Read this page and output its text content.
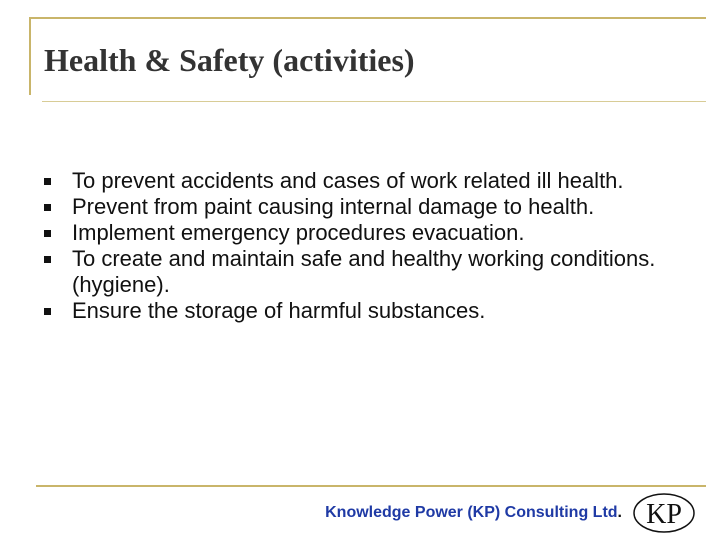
Health & Safety (activities)
To prevent accidents and cases of work related ill health.
Prevent from paint causing internal damage to health.
Implement emergency procedures evacuation.
To create and maintain safe and healthy working conditions. (hygiene).
Ensure the storage of harmful substances.
Knowledge Power (KP) Consulting Ltd. KP
